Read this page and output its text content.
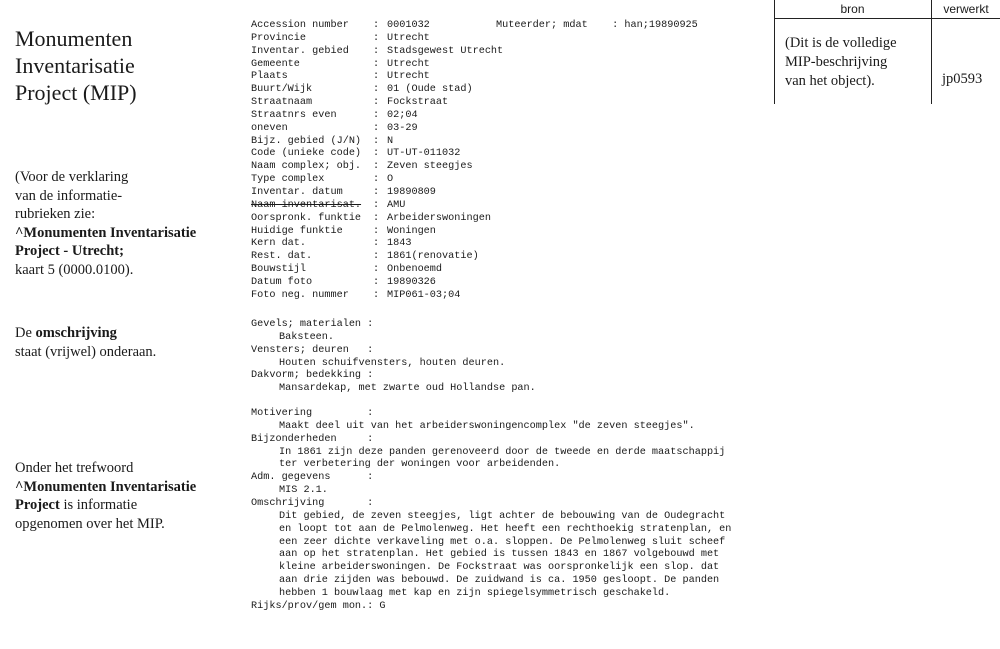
Monumenten
Inventarisatie
Project (MIP)
(Voor de verklaring
van de informatie-
rubrieken zie:
^Monumenten Inventarisatie
Project - Utrecht;
kaart 5 (0000.0100).
De omschrijving
staat (vrijwel) onderaan.
Onder het trefwoord
^Monumenten Inventarisatie
Project is informatie
opgenomen over het MIP.
bron	verwerkt
(Dit is de volledige
MIP-beschrijving
van het object).	jp0593
Muteerder; mdat : han;19890925
Accession number	: 0001032
Provincie	: Utrecht
Inventar. gebied	: Stadsgewest Utrecht
Gemeente	: Utrecht
Plaats	: Utrecht
Buurt/Wijk	: 01 (Oude stad)
Straatnaam	: Fockstraat
Straatnrs even	: 02;04
oneven	: 03-29
Bijz. gebied (J/N)	: N
Code (unieke code)	: UT-UT-011032
Naam complex; obj.	: Zeven steegjes
Type complex	: O
Inventar. datum	: 19890809
Naam inventarisat.	: AMU
Oorspronk. funktie	: Arbeiderswoningen
Huidige funktie	: Woningen
Kern dat.	: 1843
Rest. dat.	: 1861(renovatie)
Bouwstijl	: Onbenoemd
Datum foto	: 19890326
Foto neg. nummer	: MIP061-03;04
Gevels; materialen :
Baksteen.
Vensters; deuren   :
Houten schuifvensters, houten deuren.
Dakvorm; bedekking :
Mansardekap, met zwarte oud Hollandse pan.
Motivering         :
Maakt deel uit van het arbeiderswoningencomplex "de zeven steegjes".
Bijzonderheden     :
In 1861 zijn deze panden gerenoveerd door de tweede en derde maatschappij
ter verbetering der woningen voor arbeidenden.
Adm. gegevens      :
MIS 2.1.
Omschrijving       :
Dit gebied, de zeven steegjes, ligt achter de bebouwing van de Oudegracht
en loopt tot aan de Pelmolenweg. Het heeft een rechthoekig stratenplan, en
een zeer dichte verkaveling met o.a. sloppen. De Pelmolenweg sluit scheef
aan op het stratenplan. Het gebied is tussen 1843 en 1867 volgebouwd met
kleine arbeiderswoningen. De Fockstraat was oorspronkelijk een slop. dat
aan drie zijden was bebouwd. De zuidwand is ca. 1950 gesloopt. De panden
hebben 1 bouwlaag met kap en zijn spiegelsymmetrisch geschakeld.
Rijks/prov/gem mon.: G
